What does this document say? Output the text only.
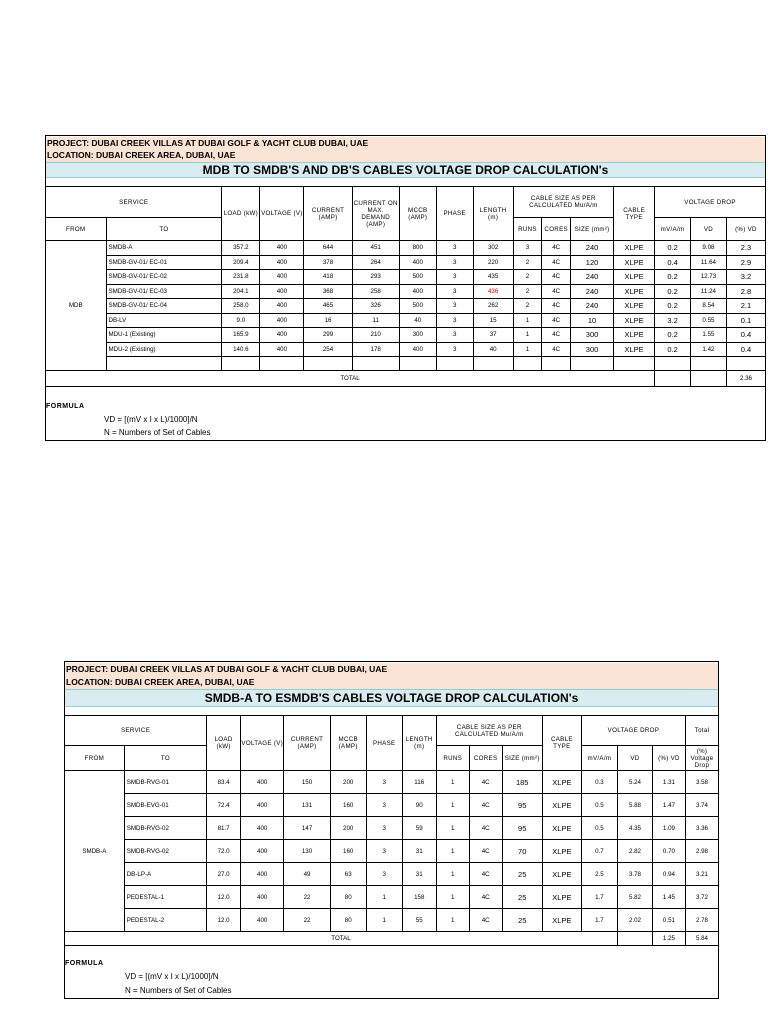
PROJECT: DUBAI CREEK VILLAS AT DUBAI GOLF & YACHT CLUB DUBAI, UAE
LOCATION: DUBAI CREEK AREA, DUBAI, UAE
MDB TO SMDB'S AND DB'S CABLES VOLTAGE DROP CALCULATION's
SERVICE		LOAD (kW)	VOLTAGE (V)	CURRENT (AMP)	CURRENT ON MAX. DEMAND (AMP)	MCCB (AMP)	PHASE	LENGTH (m)	CABLE SIZE AS PER CALCULATED Mu/A/m			CABLE TYPE	VOLTAGE DROP		
FROM	TO								RUNS	CORES	SIZE (mm²)		mV/A/m	VD	(%) VD
MDB	SMDB-A	357.2	400	644	451	800	3	302	3	4C	240	XLPE	0.2	9.08	2.3
	SMDB-GV-01/ EC-01	209.4	400	378	264	400	3	220	2	4C	120	XLPE	0.4	11.64	2.9
	SMDB-GV-01/ EC-02	231.8	400	418	293	500	3	435	2	4C	240	XLPE	0.2	12.73	3.2
	SMDB-GV-01/ EC-03	204.1	400	368	258	400	3	436	2	4C	240	XLPE	0.2	11.24	2.8
	SMDB-GV-01/ EC-04	258.0	400	465	326	500	3	262	2	4C	240	XLPE	0.2	8.54	2.1
	DB-LV	9.0	400	16	11	40	3	15	1	4C	10	XLPE	3.2	0.55	0.1
	MDU-1 (Existing)	165.9	400	299	210	300	3	37	1	4C	300	XLPE	0.2	1.55	0.4
	MDU-2 (Existing)	140.6	400	254	178	400	3	40	1	4C	300	XLPE	0.2	1.42	0.4

TOTAL															2.36
FORMULA
VD = [(mV x I x L)/1000]/N
N = Numbers of Set of Cables
PROJECT: DUBAI CREEK VILLAS AT DUBAI GOLF & YACHT CLUB DUBAI, UAE
LOCATION: DUBAI CREEK AREA, DUBAI, UAE
SMDB-A TO ESMDB'S CABLES VOLTAGE DROP CALCULATION's
SERVICE		LOAD (kW)	VOLTAGE (V)	CURRENT (AMP)	MCCB (AMP)	PHASE	LENGTH (m)	CABLE SIZE AS PER CALCULATED Mu/A/m			CABLE TYPE	VOLTAGE DROP			Total
FROM	TO							RUNS	CORES	SIZE (mm²)		mV/A/m	VD	(%) VD	(%) Voltage Drop
SMDB-A	SMDB-RVG-01	83.4	400	150	200	3	116	1	4C	185	XLPE	0.3	5.24	1.31	3.58
	SMDB-EVG-01	72.4	400	131	160	3	90	1	4C	95	XLPE	0.5	5.88	1.47	3.74
	SMDB-RVG-02	81.7	400	147	200	3	59	1	4C	95	XLPE	0.5	4.35	1.09	3.36
	SMDB-RVG-02	72.0	400	130	160	3	31	1	4C	70	XLPE	0.7	2.82	0.70	2.98
	DB-LP-A	27.0	400	49	63	3	31	1	4C	25	XLPE	2.5	3.78	0.94	3.21
	PEDESTAL-1	12.0	400	22	80	1	158	1	4C	25	XLPE	1.7	5.82	1.45	3.72
	PEDESTAL-2	12.0	400	22	80	1	55	1	4C	25	XLPE	1.7	2.02	0.51	2.78
TOTAL														1.25	5.84
FORMULA
VD = [(mV x I x L)/1000]/N
N = Numbers of Set of Cables
